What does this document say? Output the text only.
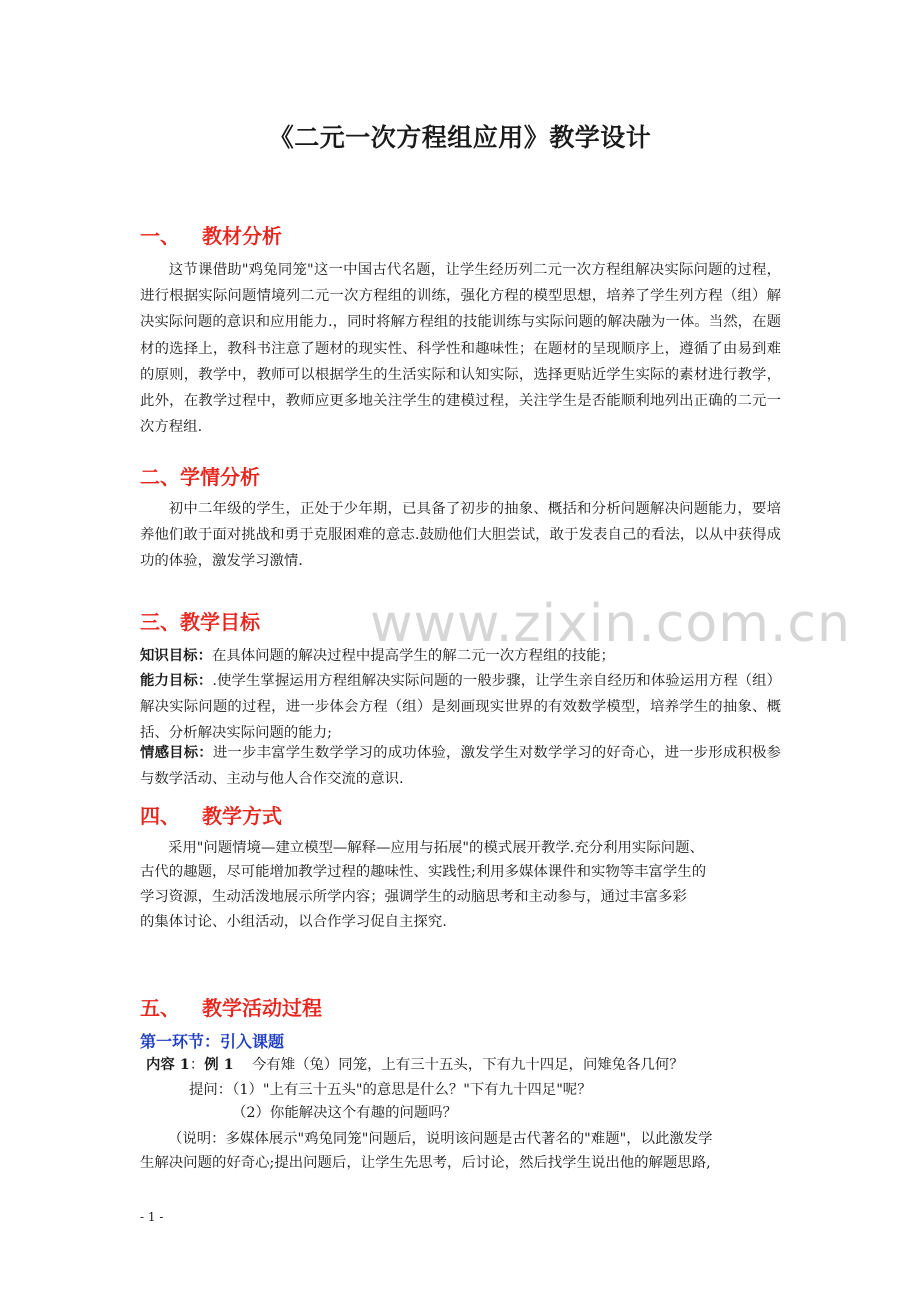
www.zixin.com.cn
《二元一次方程组应用》教学设计
一、 教材分析

这节课借助"鸡兔同笼"这一中国古代名题，让学生经历列二元一次方程组解决实际问题的过程，进行根据实际问题情境列二元一次方程组的训练，强化方程的模型思想，培养了学生列方程（组）解决实际问题的意识和应用能力.，同时将解方程组的技能训练与实际问题的解决融为一体。当然，在题材的选择上，教科书注意了题材的现实性、科学性和趣味性；在题材的呈现顺序上，遵循了由易到难的原则，教学中，教师可以根据学生的生活实际和认知实际，选择更贴近学生实际的素材进行教学，此外，在教学过程中，教师应更多地关注学生的建模过程，关注学生是否能顺利地列出正确的二元一次方程组.

二、学情分析

初中二年级的学生，正处于少年期，已具备了初步的抽象、概括和分析问题解决问题能力，要培养他们敢于面对挑战和勇于克服困难的意志.鼓励他们大胆尝试，敢于发表自己的看法，以从中获得成功的体验，激发学习激情.

三、教学目标

知识目标：在具体问题的解决过程中提高学生的解二元一次方程组的技能；

能力目标：.使学生掌握运用方程组解决实际问题的一般步骤，让学生亲自经历和体验运用方程（组）解决实际问题的过程，进一步体会方程（组）是刻画现实世界的有效数学模型，培养学生的抽象、概括、分析解决实际问题的能力;

情感目标：进一步丰富学生数学学习的成功体验，激发学生对数学学习的好奇心，进一步形成积极参与数学活动、主动与他人合作交流的意识.

四、 教学方式

采用"问题情境—建立模型—解释—应用与拓展"的模式展开教学.充分利用实际问题、

古代的趣题，尽可能增加教学过程的趣味性、实践性;利用多媒体课件和实物等丰富学生的

学习资源，生动活泼地展示所学内容；强调学生的动脑思考和主动参与，通过丰富多彩

的集体讨论、小组活动，以合作学习促自主探究.

五、 教学活动过程
第一环节：引入课题

内容 1：例 1 今有雉（兔）同笼，上有三十五头，下有九十四足，问雉兔各几何？

提问：（1）"上有三十五头"的意思是什么？"下有九十四足"呢？

（2）你能解决这个有趣的问题吗？

（说明：多媒体展示"鸡兔同笼"问题后，说明该问题是古代著名的"难题"，以此激发学

生解决问题的好奇心;提出问题后，让学生先思考，后讨论，然后找学生说出他的解题思路,

- 1 -
